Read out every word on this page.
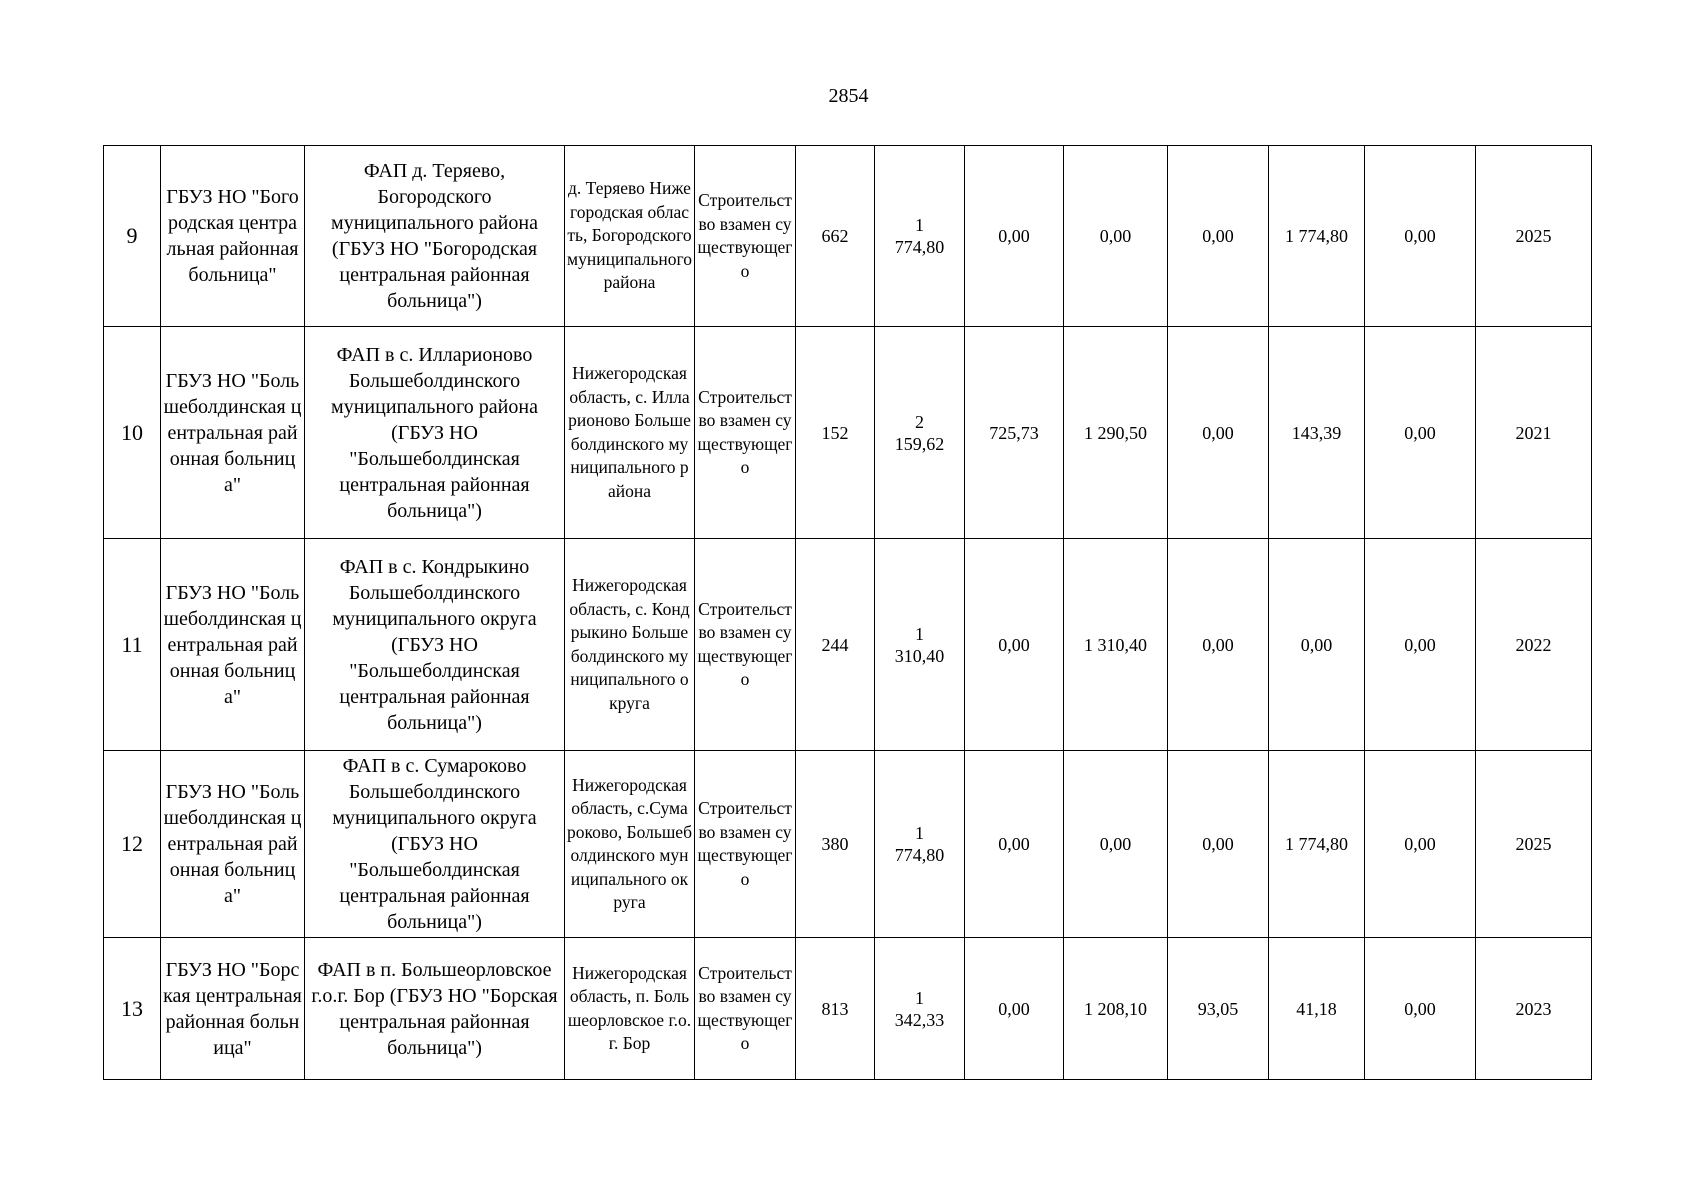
2854
9	ГБУЗ НО "Богородская центральная районная больница"	ФАП д. Теряево, Богородского муниципального района (ГБУЗ НО "Богородская центральная районная больница")	д. Теряево Нижегородская область, Богородского муниципального района	Строительство взамен существующего	662	1 774,80	0,00	0,00	0,00	1 774,80	0,00	2025
10	ГБУЗ НО "Большеболдинская центральная районная больница"	ФАП в с. Илларионово Большеболдинского муниципального района (ГБУЗ НО "Большеболдинская центральная районная больница")	Нижегородская область, с. Илларионово Большеболдинского муниципального района	Строительство взамен существующего	152	2 159,62	725,73	1 290,50	0,00	143,39	0,00	2021
11	ГБУЗ НО "Большеболдинская центральная районная больница"	ФАП в с. Кондрыкино Большеболдинского муниципального округа (ГБУЗ НО "Большеболдинская центральная районная больница")	Нижегородская область, с. Кондрыкино Большеболдинского муниципального округа	Строительство взамен существующего	244	1 310,40	0,00	1 310,40	0,00	0,00	0,00	2022
12	ГБУЗ НО "Большеболдинская центральная районная больница"	ФАП в с. Сумароково Большеболдинского муниципального округа (ГБУЗ НО "Большеболдинская центральная районная больница")	Нижегородская область, с.Сумароково, Большеболдинского муниципального округа	Строительство взамен существующего	380	1 774,80	0,00	0,00	0,00	1 774,80	0,00	2025
13	ГБУЗ НО "Борская центральная районная больница"	ФАП в п. Большеорловское г.о.г. Бор (ГБУЗ НО "Борская центральная районная больница")	Нижегородская область, п. Большеорловское г.о.г. Бор	Строительство взамен существующего	813	1 342,33	0,00	1 208,10	93,05	41,18	0,00	2023
